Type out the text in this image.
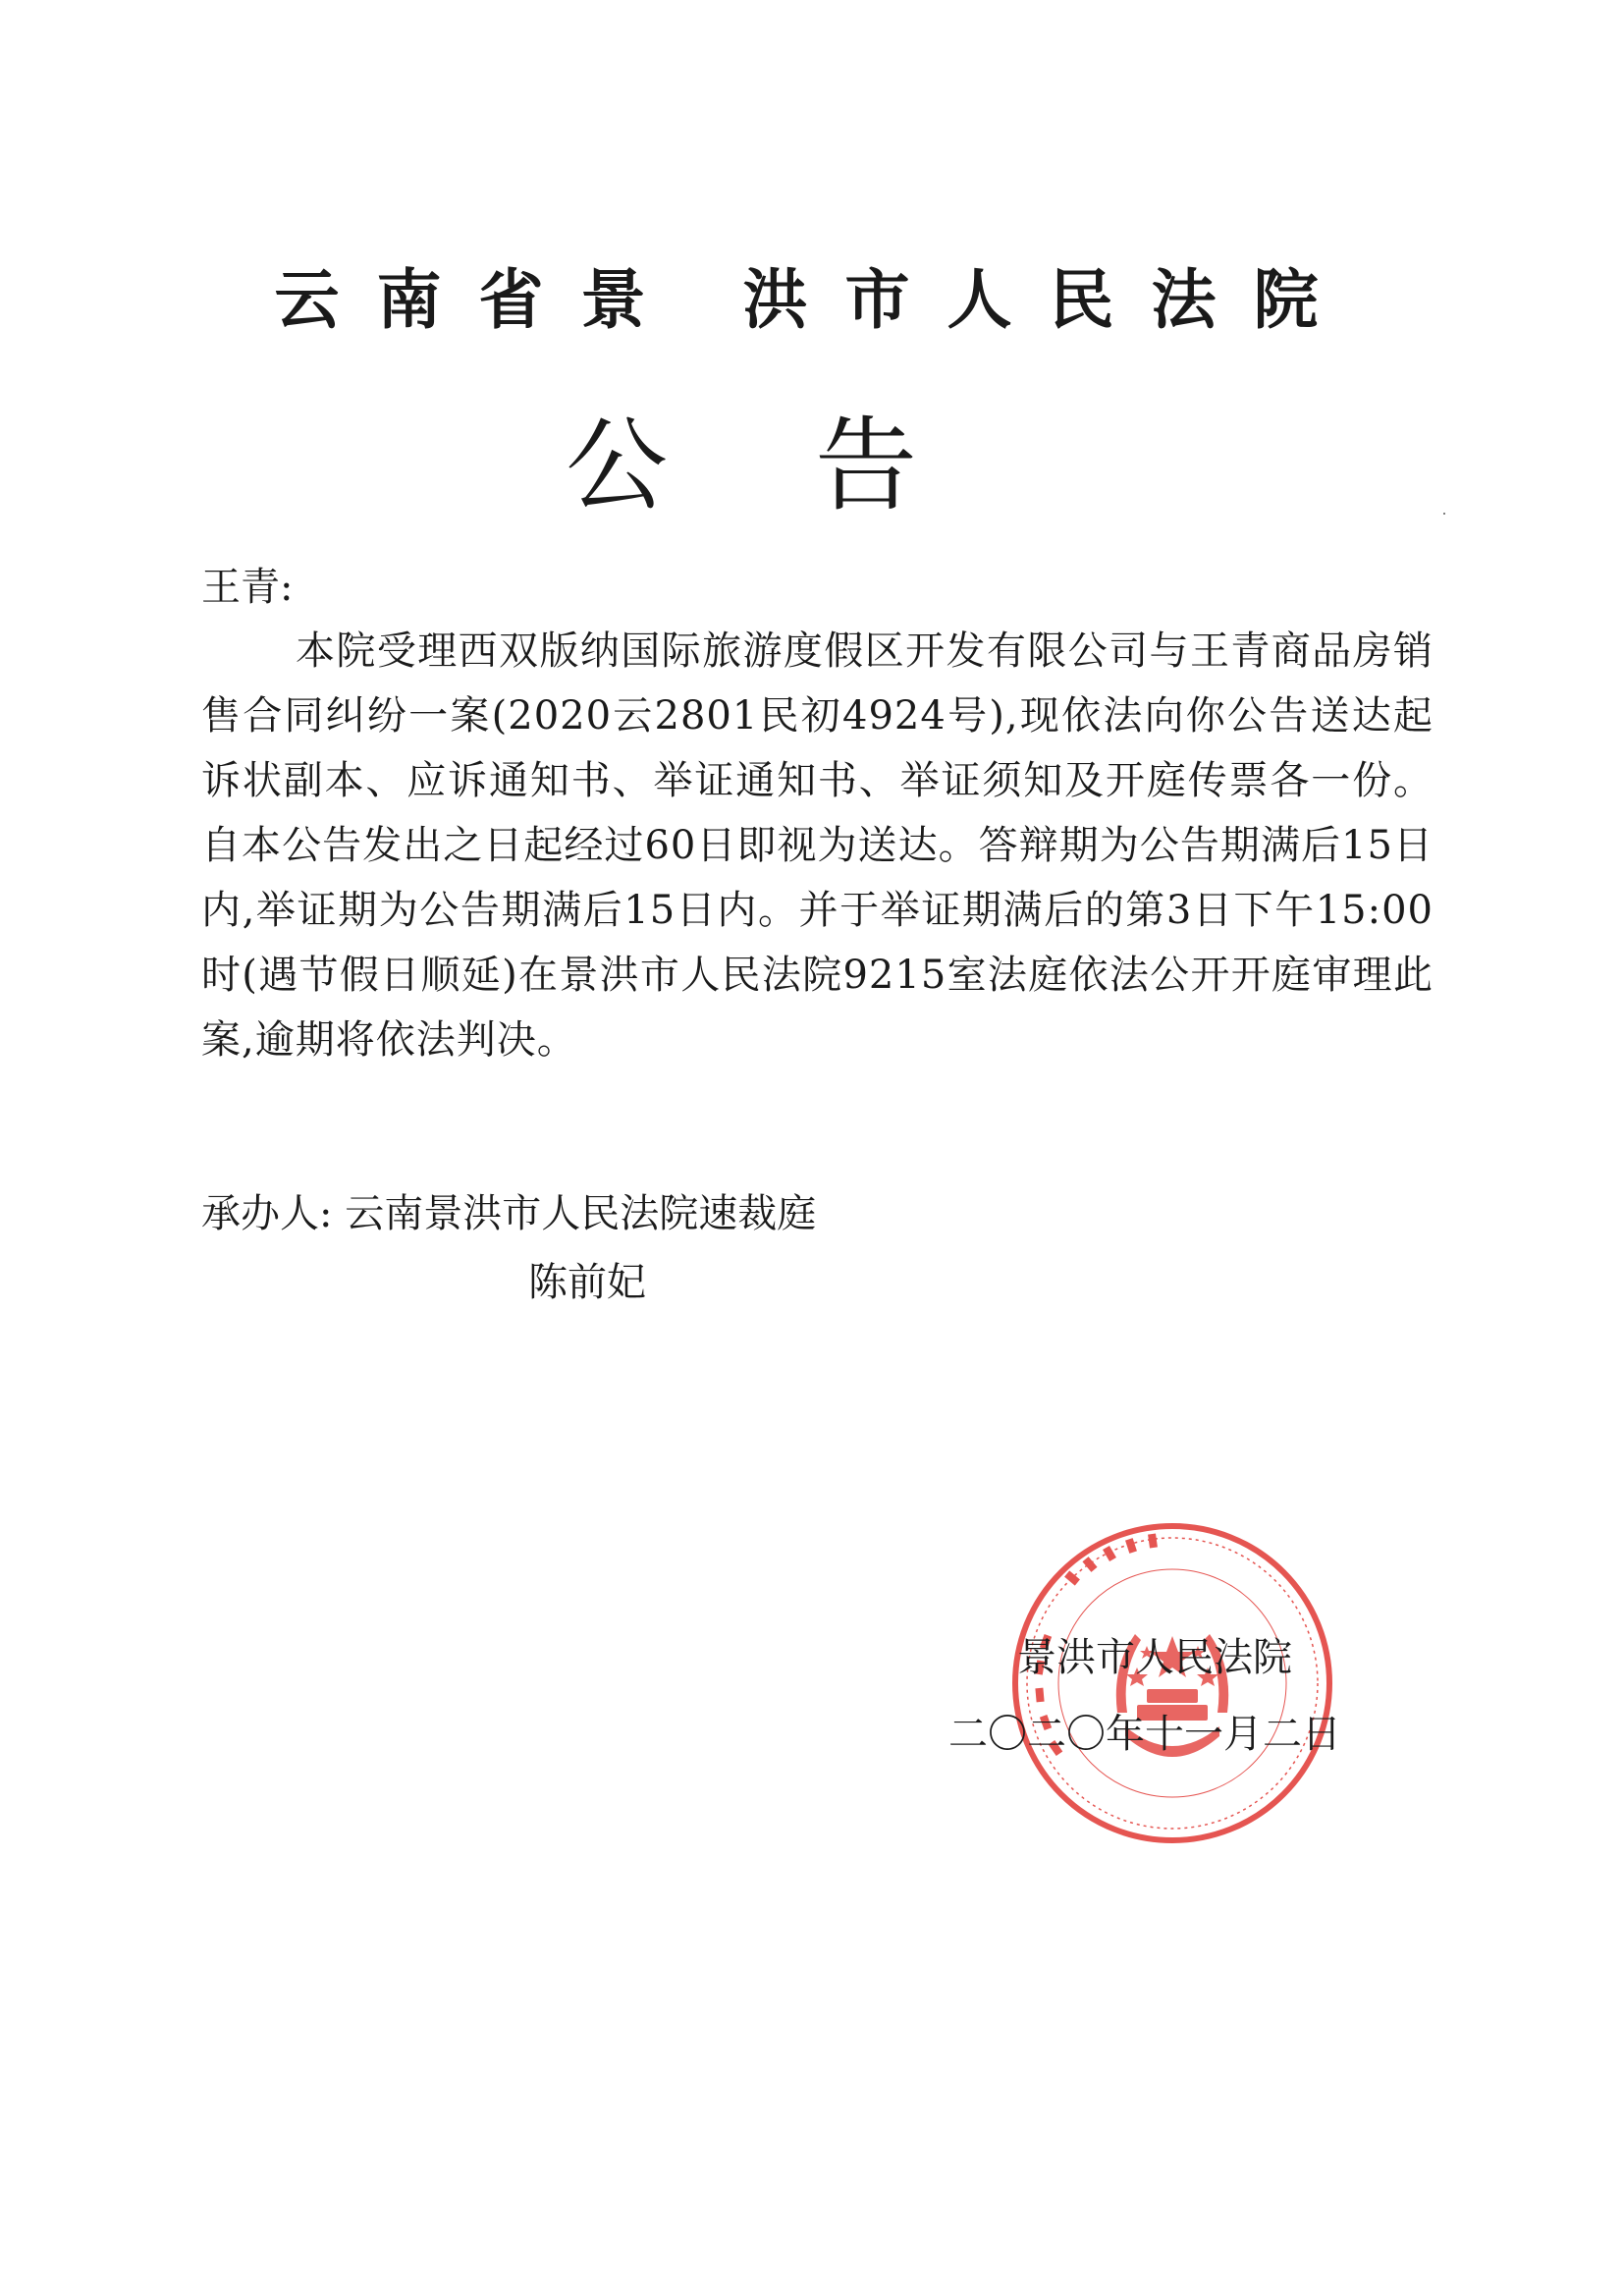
云南省景 洪市人民法院
公告
王青:
本院受理西双版纳国际旅游度假区开发有限公司与王青商品房销售合同纠纷一案(2020云2801民初4924号),现依法向你公告送达起诉状副本、应诉通知书、举证通知书、举证须知及开庭传票各一份。自本公告发出之日起经过60日即视为送达。答辩期为公告期满后15日内,举证期为公告期满后15日内。并于举证期满后的第3日下午15:00时(遇节假日顺延)在景洪市人民法院9215室法庭依法公开开庭审理此案,逾期将依法判决。
承办人: 云南景洪市人民法院速裁庭
陈前妃
景洪市人民法院
二〇二〇年十一月二日
